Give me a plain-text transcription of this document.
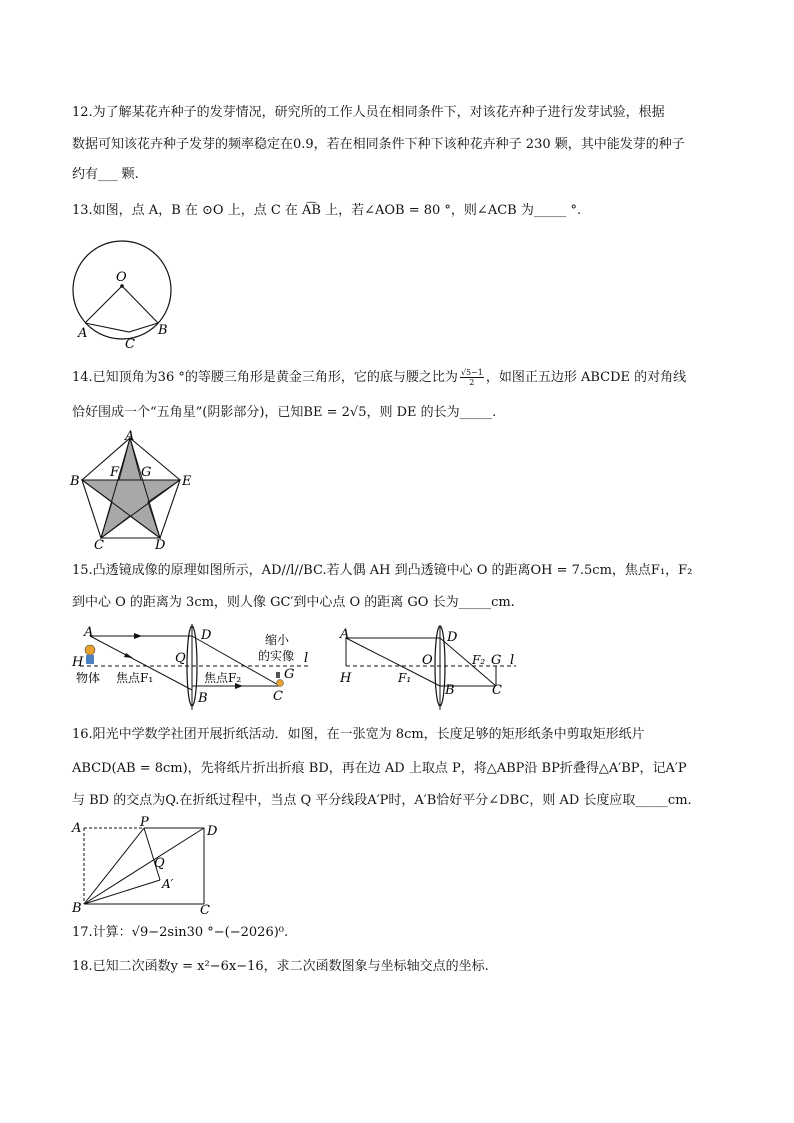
12.为了解某花卉种子的发芽情况，研究所的工作人员在相同条件下，对该花卉种子进行发芽试验，根据
数据可知该花卉种子发芽的频率稳定在0.9，若在相同条件下种下该种花卉种子 230 颗，其中能发芽的种子
约有___ 颗.
13.如图，点 A，B 在 ⊙O 上，点 C 在 A͡B 上，若∠AOB = 80 °，则∠ACB 为_____ °.
O
A	B
C
14.已知顶角为36 °的等腰三角形是黄金三角形，它的底与腰之比为 $\frac{√5-1}{2}$ ，如图正五边形 ABCDE 的对角线
恰好围成一个“五角星”(阴影部分)，已知BE = 2√5，则 DE 的长为_____.
A
B	E
C	D
F G
15.凸透镜成像的原理如图所示，AD//l//BC.若人偶 AH 到凸透镜中心 O 的距离OH = 7.5cm，焦点F₁，F₂
到中心 O 的距离为 3cm，则人像 GC′到中心点 O 的距离 GO 长为_____cm.
A
H
D
Q
B	C
G
l
缩小
的实像
物体 焦点F₁	焦点F₂
A	D
O	F₂ G l
H	F₁
B	C
16.阳光中学数学社团开展折纸活动．如图，在一张宽为 8cm，长度足够的矩形纸条中剪取矩形纸片
ABCD(AB = 8cm)，先将纸片折出折痕 BD，再在边 AD 上取点 P，将△ABP沿 BP折叠得△A′BP，记A′P
与 BD 的交点为Q.在折纸过程中，当点 Q 平分线段A′P时，A′B恰好平分∠DBC，则 AD 长度应取_____cm.
A	P
D
Q
A′
B	C
17.计算：√9−2sin30 °−(−2026)⁰.
18.已知二次函数y = x²−6x−16，求二次函数图象与坐标轴交点的坐标.
